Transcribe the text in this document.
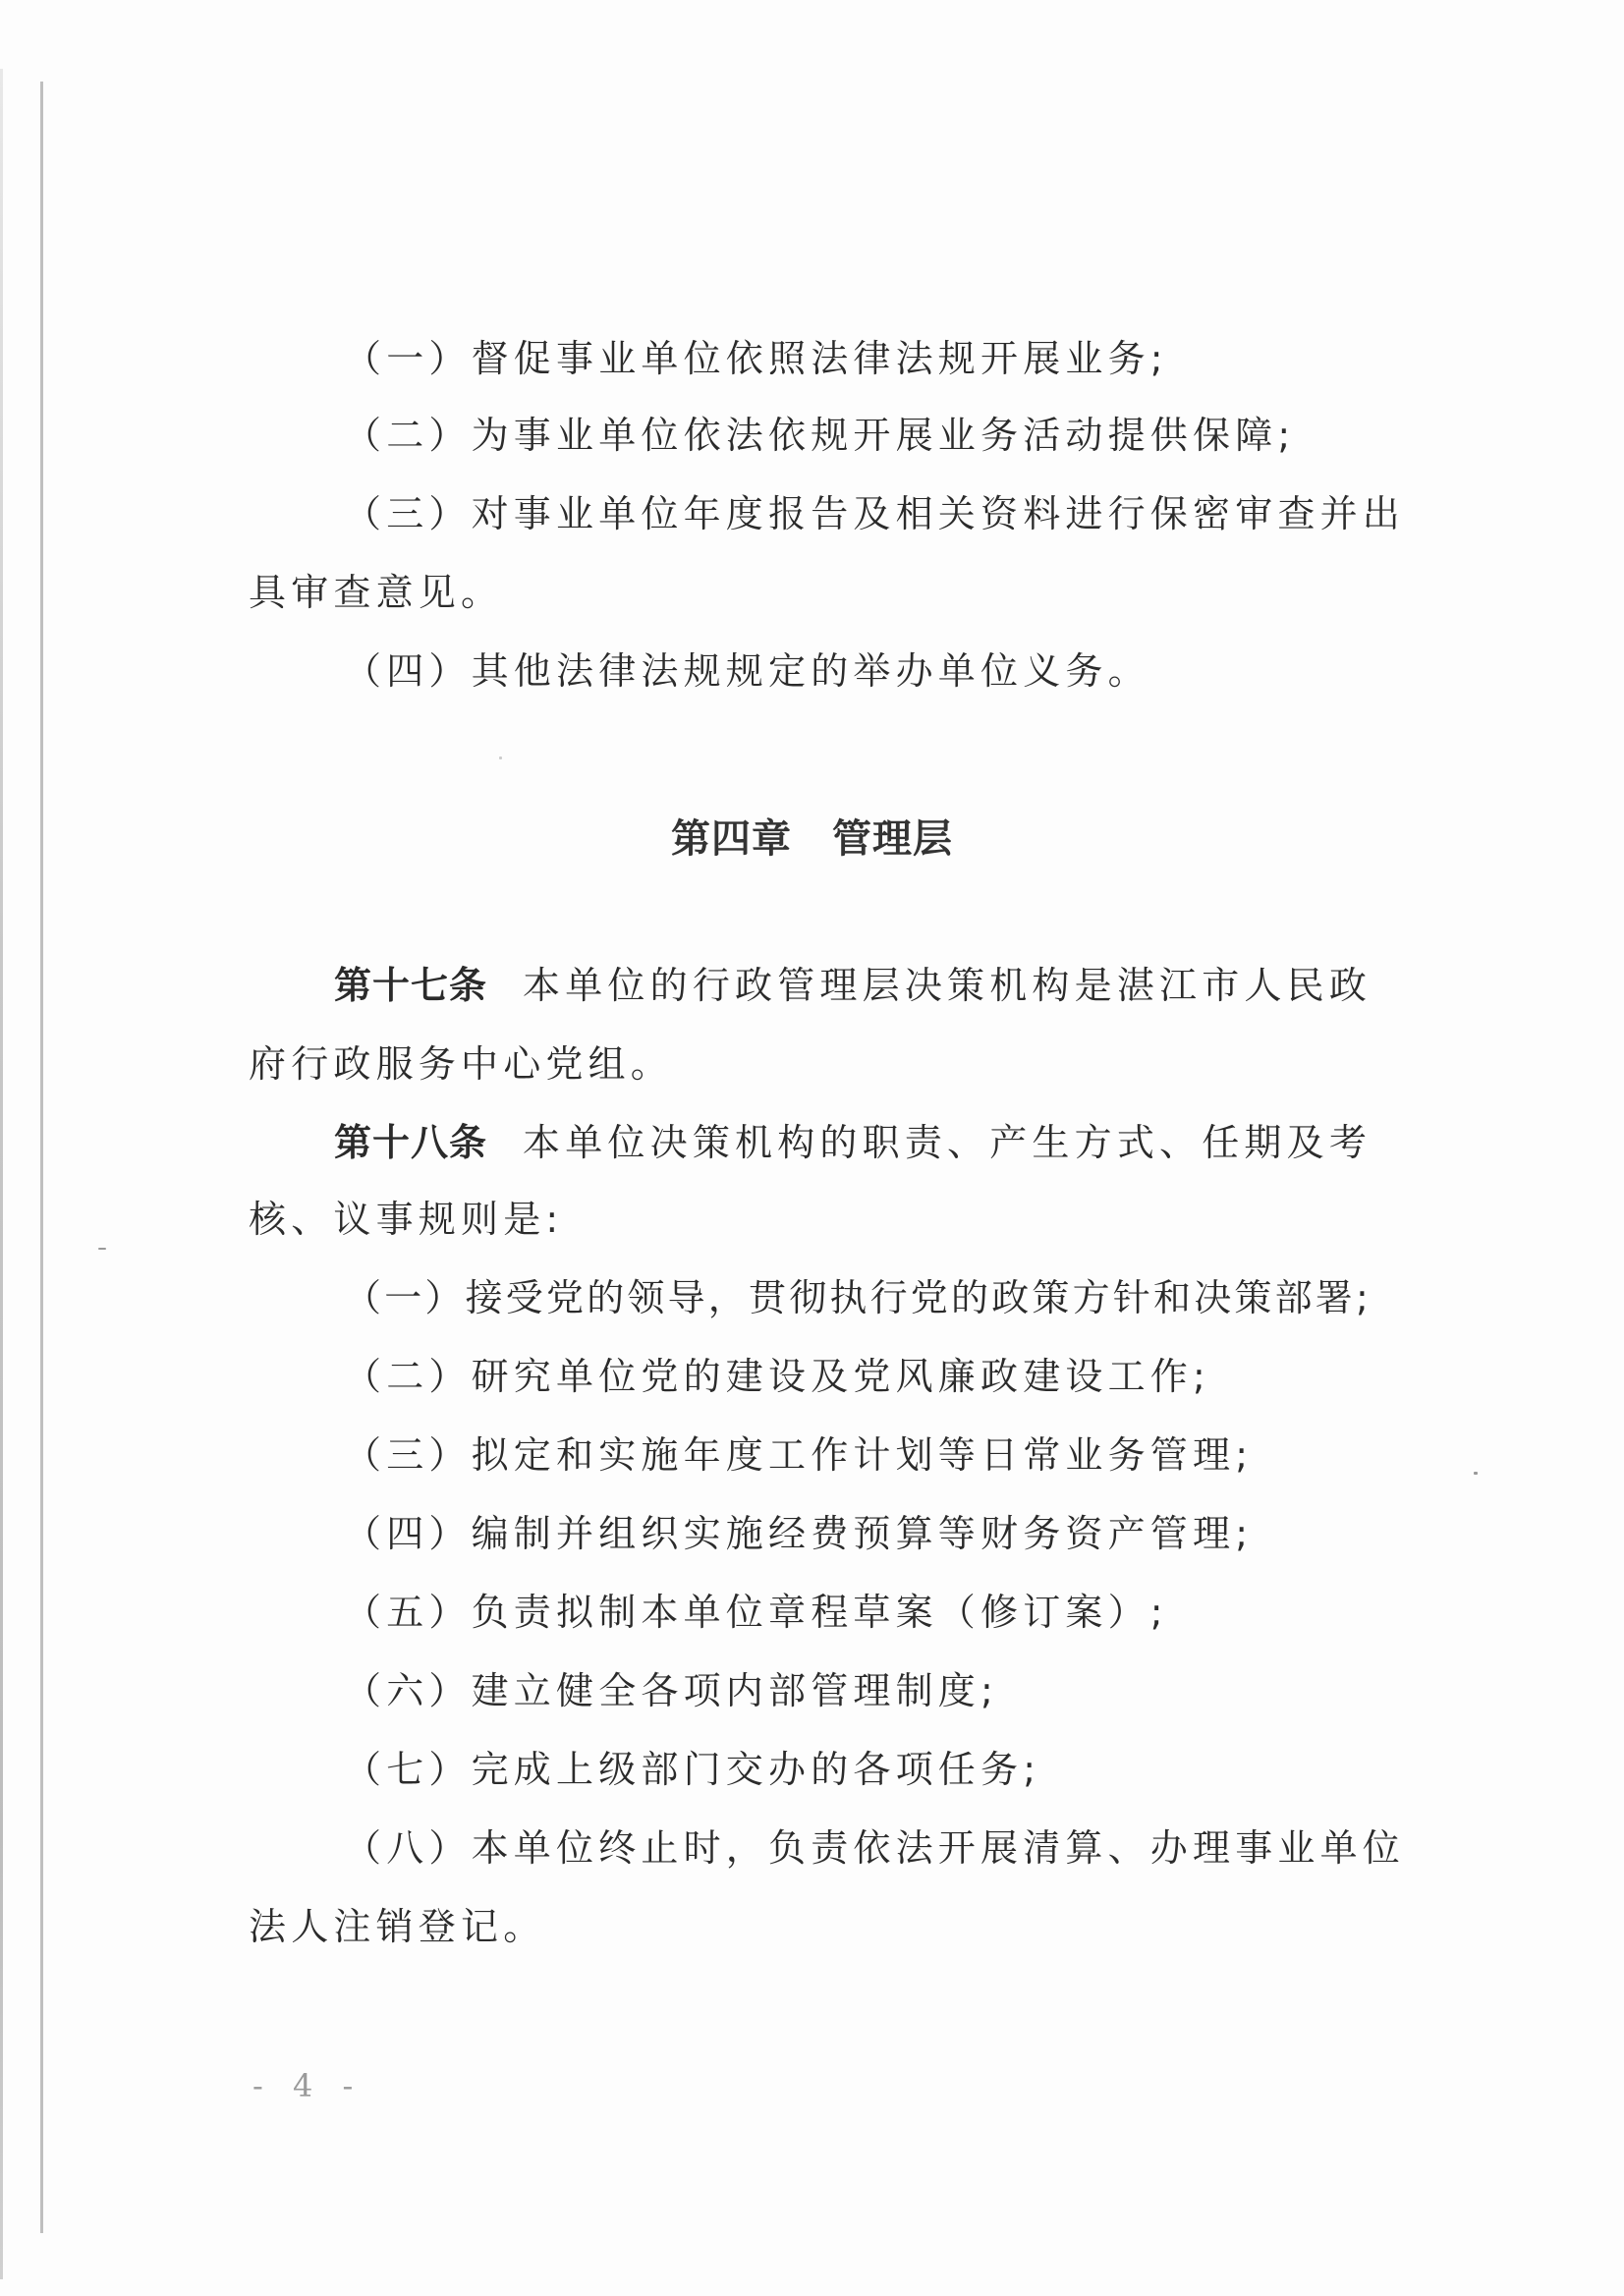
（一）督促事业单位依照法律法规开展业务;
（二）为事业单位依法依规开展业务活动提供保障;
（三）对事业单位年度报告及相关资料进行保密审查并出
具审查意见。
（四）其他法律法规规定的举办单位义务。
第四章　管理层
第十七条 本单位的行政管理层决策机构是湛江市人民政
府行政服务中心党组。
第十八条 本单位决策机构的职责、产生方式、任期及考
核、议事规则是:
（一）接受党的领导，贯彻执行党的政策方针和决策部署;
（二）研究单位党的建设及党风廉政建设工作;
（三）拟定和实施年度工作计划等日常业务管理;
（四）编制并组织实施经费预算等财务资产管理;
（五）负责拟制本单位章程草案（修订案）;
（六）建立健全各项内部管理制度;
（七）完成上级部门交办的各项任务;
（八）本单位终止时，负责依法开展清算、办理事业单位
法人注销登记。
- 4 -
